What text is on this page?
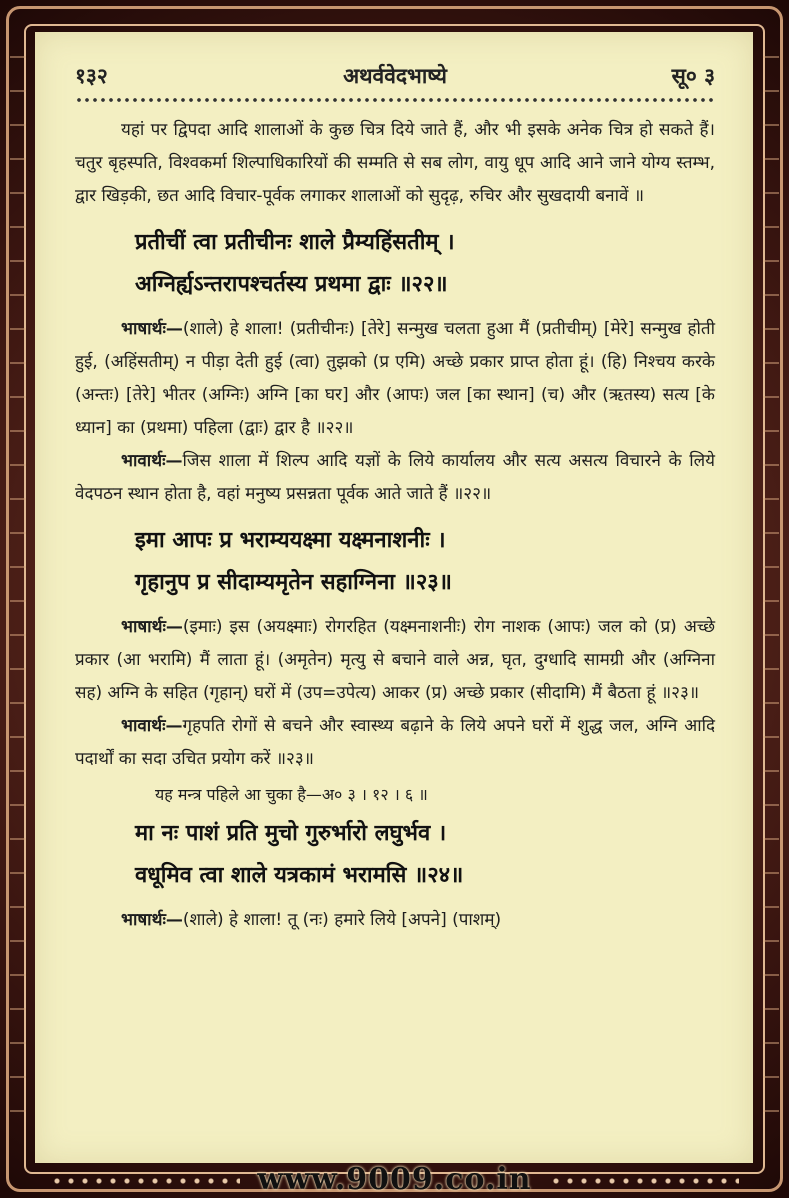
१३२	अथर्ववेदभाष्ये	सू० ३

यहां पर द्विपदा आदि शालाओं के कुछ चित्र दिये जाते हैं, और भी इसके अनेक चित्र हो सकते हैं। चतुर बृहस्पति, विश्वकर्मा शिल्पाधिकारियों की सम्मति से सब लोग, वायु धूप आदि आने जाने योग्य स्तम्भ, द्वार खिड़की, छत आदि विचार-पूर्वक लगाकर शालाओं को सुदृढ़, रुचिर और सुखदायी बनावें ॥

प्रतीचीं त्वा प्रतीचीनः शाले प्रैम्यहिंसतीम् ।

अग्निर्ह्यऽन्तरापश्चर्तस्य प्रथमा द्वाः ॥२२॥

भाषार्थः—(शाले) हे शाला! (प्रतीचीनः) [तेरे] सन्मुख चलता हुआ मैं (प्रतीचीम्) [मेरे] सन्मुख होती हुई, (अहिंसतीम्) न पीड़ा देती हुई (त्वा) तुझको (प्र एमि) अच्छे प्रकार प्राप्त होता हूं। (हि) निश्चय करके (अन्तः) [तेरे] भीतर (अग्निः) अग्नि [का घर] और (आपः) जल [का स्थान] (च) और (ऋतस्य) सत्य [के ध्यान] का (प्रथमा) पहिला (द्वाः) द्वार है ॥२२॥

भावार्थः—जिस शाला में शिल्प आदि यज्ञों के लिये कार्यालय और सत्य असत्य विचारने के लिये वेदपठन स्थान होता है, वहां मनुष्य प्रसन्नता पूर्वक आते जाते हैं ॥२२॥

इमा आपः प्र भराम्ययक्ष्मा यक्ष्मनाशनीः ।

गृहानुप प्र सीदाम्यमृतेन सहाग्निना ॥२३॥

भाषार्थः—(इमाः) इस (अयक्ष्माः) रोगरहित (यक्ष्मनाशनीः) रोग नाशक (आपः) जल को (प्र) अच्छे प्रकार (आ भरामि) मैं लाता हूं। (अमृतेन) मृत्यु से बचाने वाले अन्न, घृत, दुग्धादि सामग्री और (अग्निना सह) अग्नि के सहित (गृहान्) घरों में (उप=उपेत्य) आकर (प्र) अच्छे प्रकार (सीदामि) मैं बैठता हूं ॥२३॥

भावार्थः—गृहपति रोगों से बचने और स्वास्थ्य बढ़ाने के लिये अपने घरों में शुद्ध जल, अग्नि आदि पदार्थों का सदा उचित प्रयोग करें ॥२३॥

यह मन्त्र पहिले आ चुका है—अ० ३ । १२ । ६ ॥

मा नः पाशं प्रति मुचो गुरुर्भारो लघुर्भव ।

वधूमिव त्वा शाले यत्रकामं भरामसि ॥२४॥

भाषार्थः—(शाले) हे शाला! तू (नः) हमारे लिये [अपने] (पाशम्)

www.9009.co.in
